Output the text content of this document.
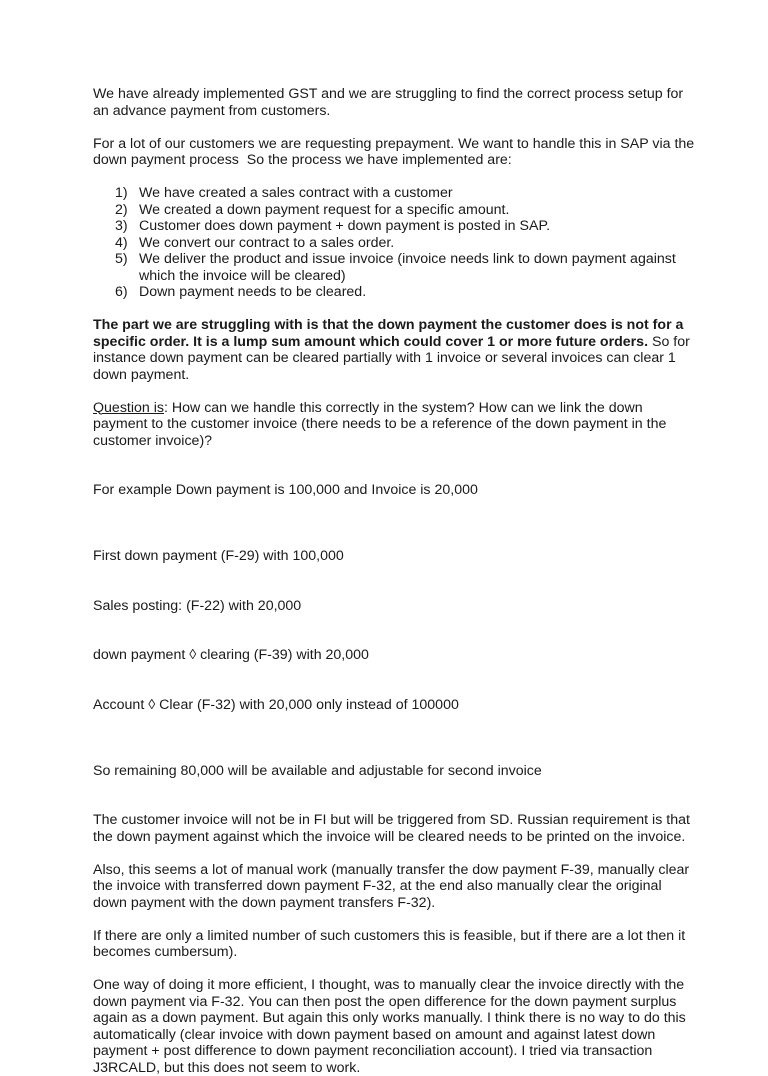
We have already implemented GST and we are struggling to find the correct process setup for an advance payment from customers.

For a lot of our customers we are requesting prepayment. We want to handle this in SAP via the down payment process  So the process we have implemented are:

1) We have created a sales contract with a customer
2) We created a down payment request for a specific amount.
3) Customer does down payment + down payment is posted in SAP.
4) We convert our contract to a sales order.
5) We deliver the product and issue invoice (invoice needs link to down payment against which the invoice will be cleared)
6) Down payment needs to be cleared.

The part we are struggling with is that the down payment the customer does is not for a specific order. It is a lump sum amount which could cover 1 or more future orders. So for instance down payment can be cleared partially with 1 invoice or several invoices can clear 1 down payment.

Question is: How can we handle this correctly in the system? How can we link the down payment to the customer invoice (there needs to be a reference of the down payment in the customer invoice)?

For example Down payment is 100,000 and Invoice is 20,000

First down payment (F-29) with 100,000

Sales posting: (F-22) with 20,000

down payment ◊ clearing (F-39) with 20,000

Account ◊ Clear (F-32) with 20,000 only instead of 100000

So remaining 80,000 will be available and adjustable for second invoice

The customer invoice will not be in FI but will be triggered from SD. Russian requirement is that the down payment against which the invoice will be cleared needs to be printed on the invoice.

Also, this seems a lot of manual work (manually transfer the dow payment F-39, manually clear the invoice with transferred down payment F-32, at the end also manually clear the original down payment with the down payment transfers F-32).

If there are only a limited number of such customers this is feasible, but if there are a lot then it becomes cumbersum).

One way of doing it more efficient, I thought, was to manually clear the invoice directly with the down payment via F-32. You can then post the open difference for the down payment surplus again as a down payment. But again this only works manually. I think there is no way to do this automatically (clear invoice with down payment based on amount and against latest down payment + post difference to down payment reconciliation account). I tried via transaction J3RCALD, but this does not seem to work.
